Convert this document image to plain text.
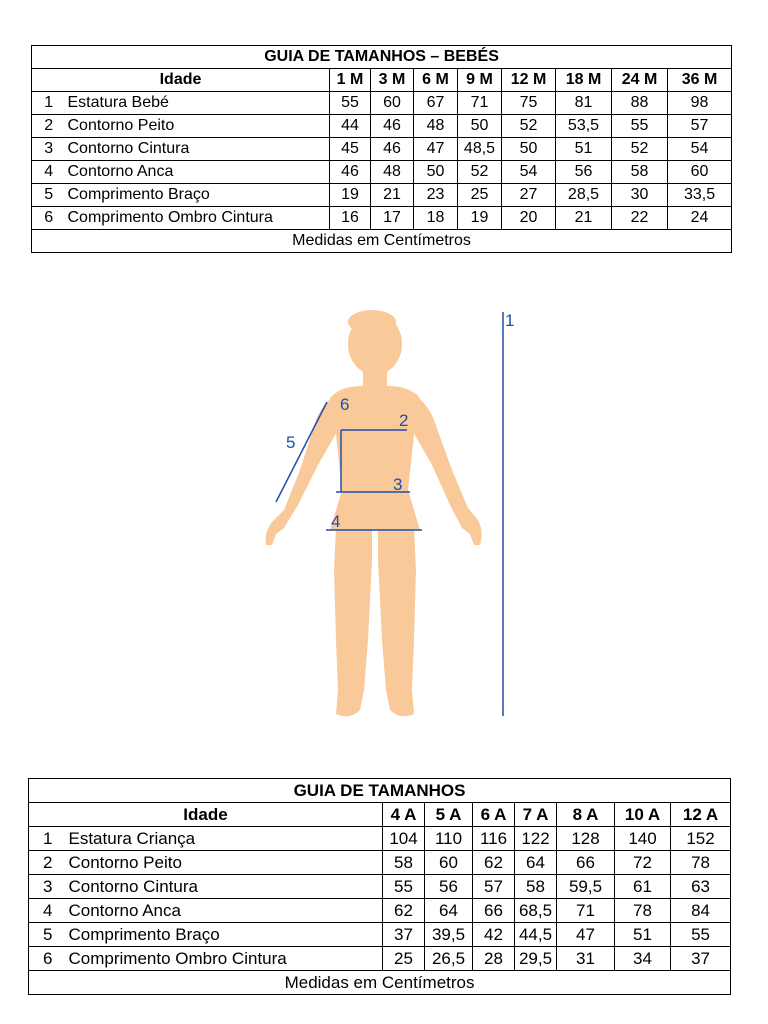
GUIA DE TAMANHOS – BEBÉS									
Idade		1 M	3 M	6 M	9 M	12 M	18 M	24 M	36 M
1	Estatura Bebé	55	60	67	71	75	81	88	98
2	Contorno Peito	44	46	48	50	52	53,5	55	57
3	Contorno Cintura	45	46	47	48,5	50	51	52	54
4	Contorno Anca	46	48	50	52	54	56	58	60
5	Comprimento Braço	19	21	23	25	27	28,5	30	33,5
6	Comprimento Ombro Cintura	16	17	18	19	20	21	22	24
Medidas em Centímetros									
1
2
3
4
5
6
GUIA DE TAMANHOS								
Idade		4 A	5 A	6 A	7 A	8 A	10 A	12 A
1	Estatura Criança	104	110	116	122	128	140	152
2	Contorno Peito	58	60	62	64	66	72	78
3	Contorno Cintura	55	56	57	58	59,5	61	63
4	Contorno Anca	62	64	66	68,5	71	78	84
5	Comprimento Braço	37	39,5	42	44,5	47	51	55
6	Comprimento Ombro Cintura	25	26,5	28	29,5	31	34	37
Medidas em Centímetros								
